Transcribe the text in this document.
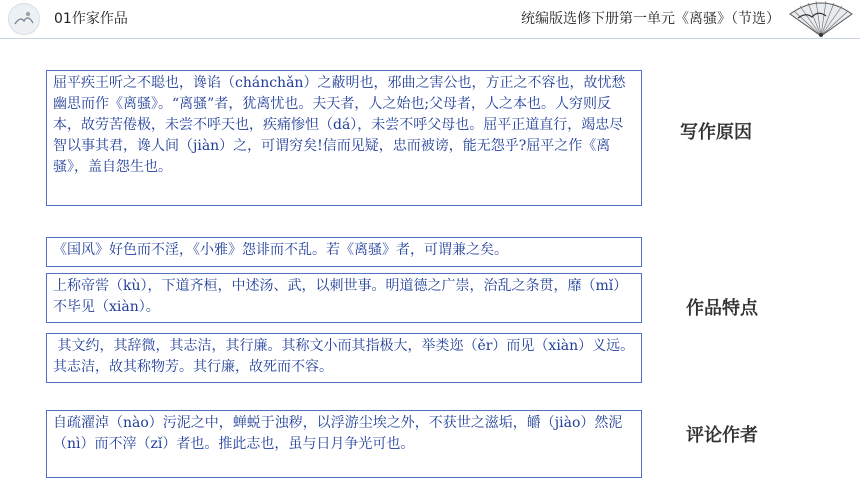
01作家作品	统编版选修下册第一单元《离骚》（节选）
屈平疾王听之不聪也，谗谄（chánchǎn）之蔽明也，邪曲之害公也，方正之不容也，故忧愁幽思而作《离骚》。“离骚”者，犹离忧也。夫天者，人之始也;父母者，人之本也。人穷则反本，故劳苦倦极，未尝不呼天也，疾痛惨怛（dá），未尝不呼父母也。屈平正道直行，竭忠尽智以事其君，谗人间（jiàn）之，可谓穷矣!信而见疑，忠而被谤，能无怨乎?屈平之作《离骚》，盖自怨生也。
写作原因
《国风》好色而不淫，《小雅》怨诽而不乱。若《离骚》者，可谓兼之矣。
上称帝喾（kù），下道齐桓，中述汤、武，以刺世事。明道德之广崇，治乱之条贯，靡（mǐ）不毕见（xiàn）。	作品特点
其文约，其辞微，其志洁，其行廉。其称文小而其指极大，举类迩（ěr）而见（xiàn）义远。其志洁，故其称物芳。其行廉，故死而不容。
自疏濯淖（nào）污泥之中，蝉蜕于浊秽，以浮游尘埃之外，不获世之滋垢，皭（jiào）然泥（nì）而不滓（zǐ）者也。推此志也，虽与日月争光可也。	评论作者
